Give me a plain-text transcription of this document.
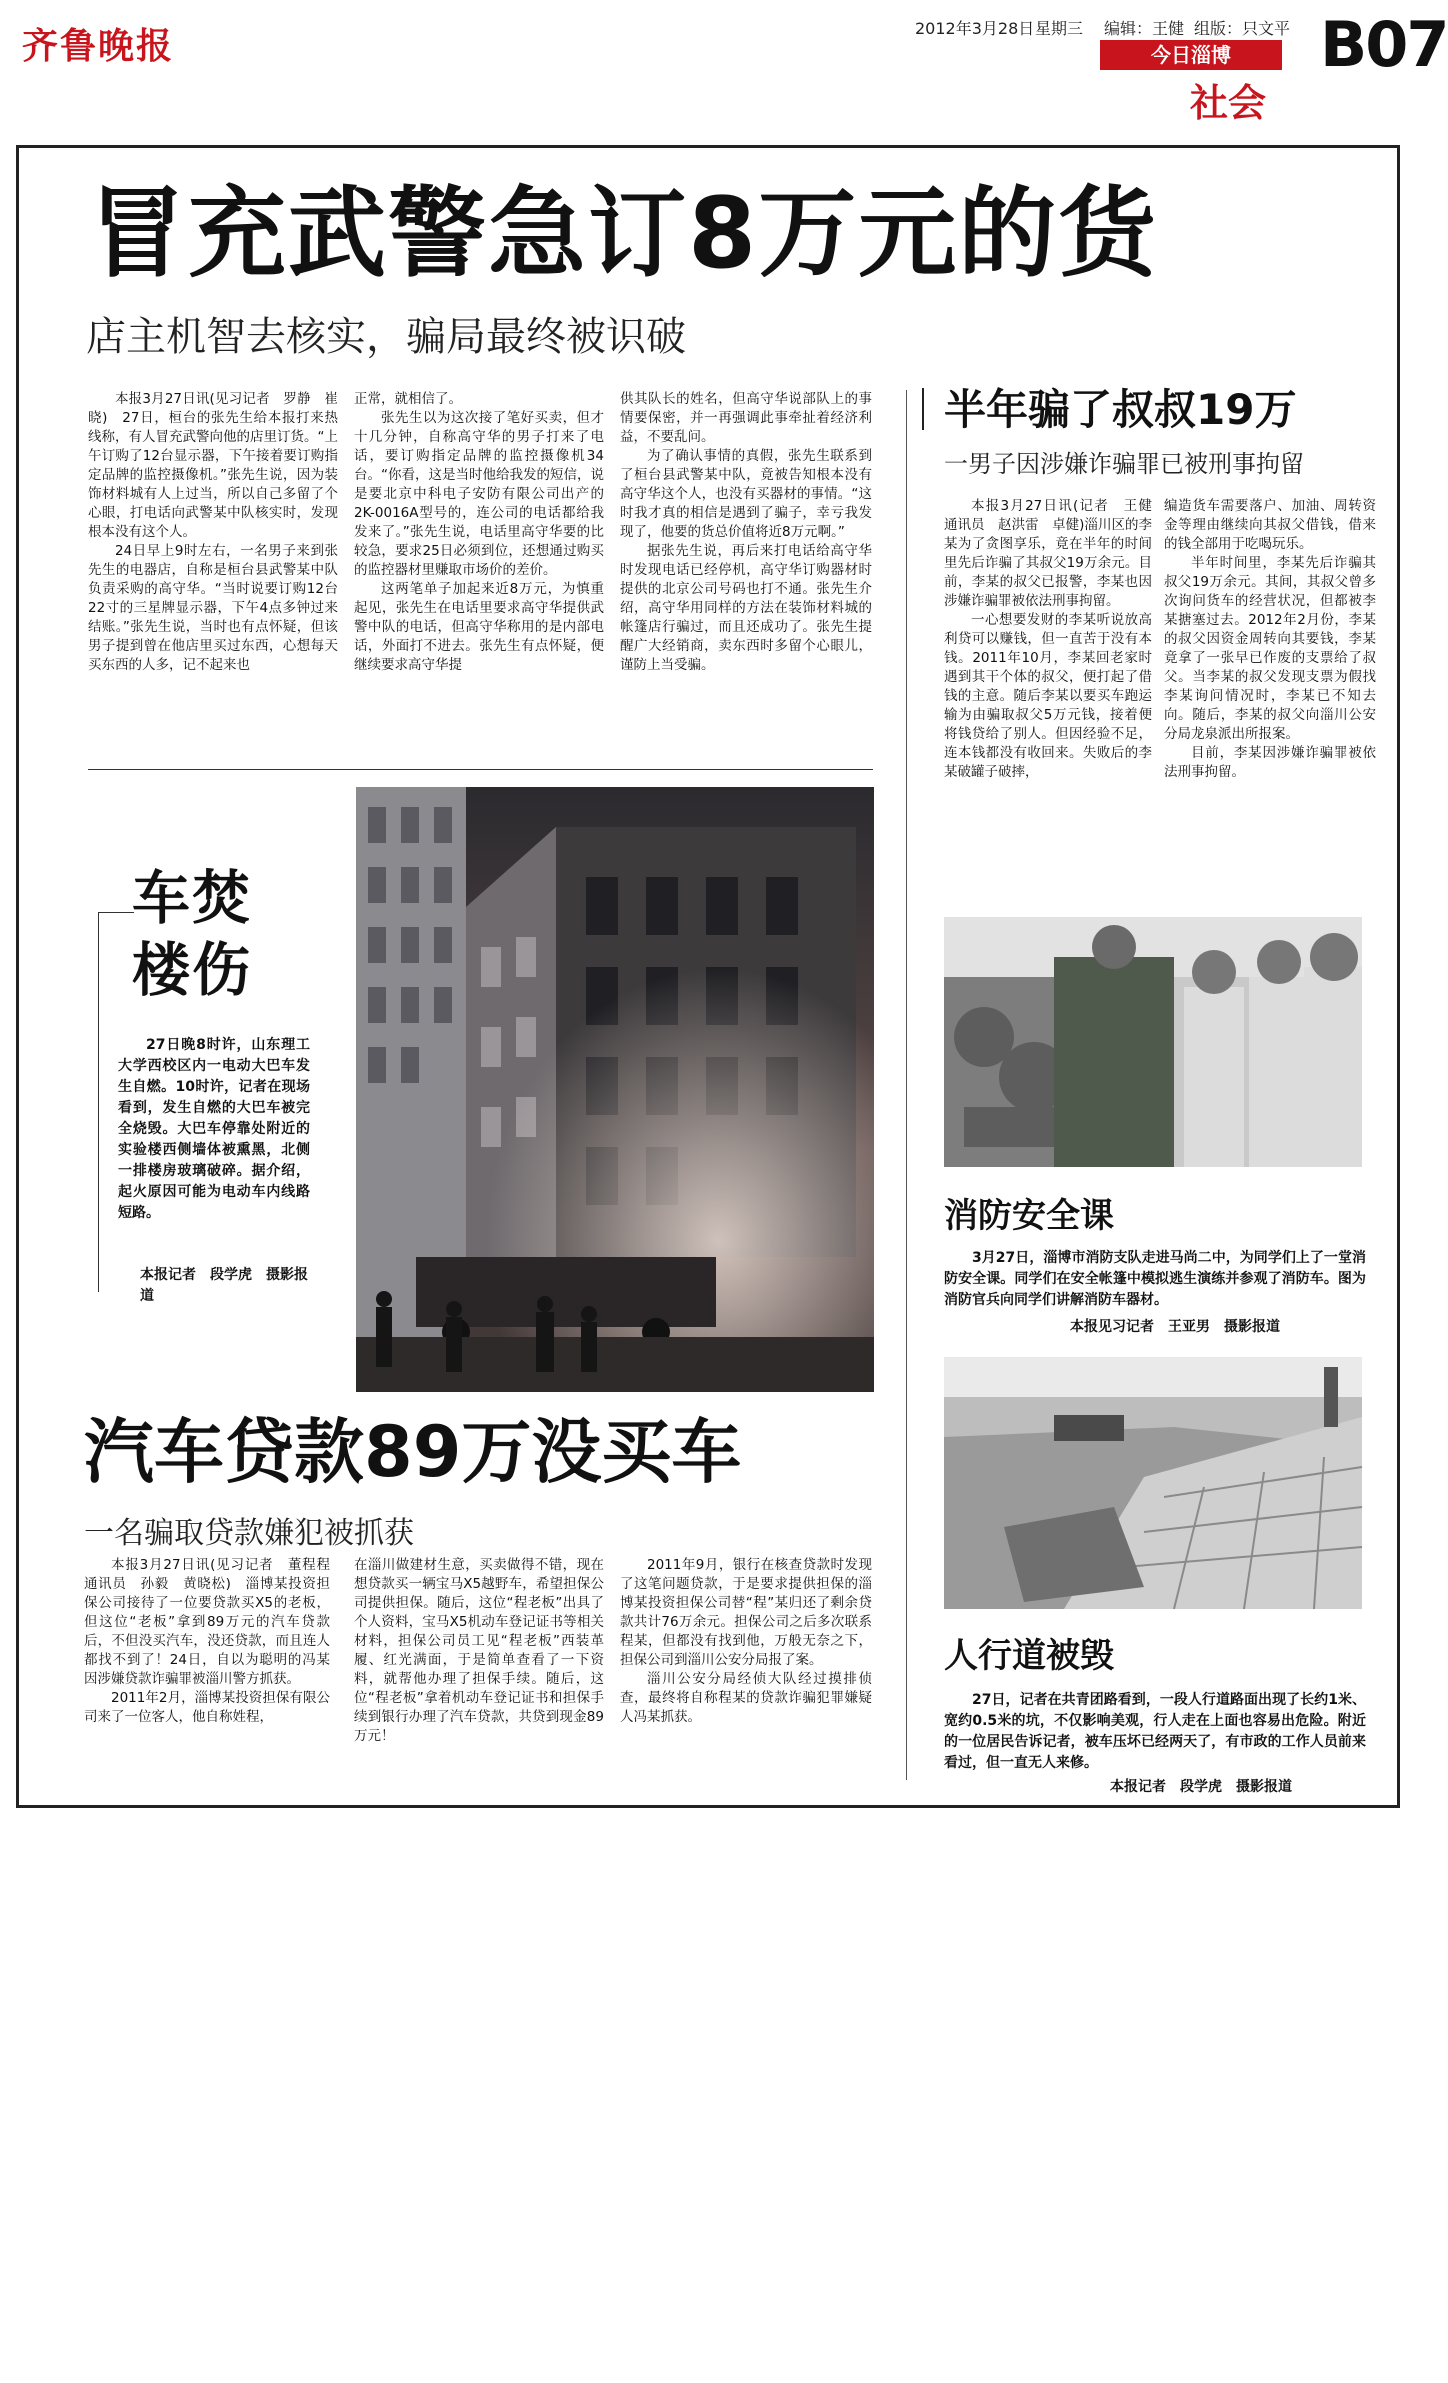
齐鲁晚报	2012年3月28日 星期三 编辑：王健 组版：只文平
今日淄博
社会
B07
冒充武警急订8万元的货
店主机智去核实，骗局最终被识破

本报3月27日讯(见习记者　罗静　崔晓)　27日，桓台的张先生给本报打来热线称，有人冒充武警向他的店里订货。“上午订购了12台显示器，下午接着要订购指定品牌的监控摄像机。”张先生说，因为装饰材料城有人上过当，所以自己多留了个心眼，打电话向武警某中队核实时，发现根本没有这个人。

24日早上9时左右，一名男子来到张先生的电器店，自称是桓台县武警某中队负责采购的高守华。“当时说要订购12台22寸的三星牌显示器，下午4点多钟过来结账。”张先生说，当时也有点怀疑，但该男子提到曾在他店里买过东西，心想每天买东西的人多，记不起来也

正常，就相信了。

张先生以为这次接了笔好买卖，但才十几分钟，自称高守华的男子打来了电话，要订购指定品牌的监控摄像机34台。“你看，这是当时他给我发的短信，说是要北京中科电子安防有限公司出产的2K-0016A型号的，连公司的电话都给我发来了。”张先生说，电话里高守华要的比较急，要求25日必须到位，还想通过购买的监控器材里赚取市场价的差价。

这两笔单子加起来近8万元，为慎重起见，张先生在电话里要求高守华提供武警中队的电话，但高守华称用的是内部电话，外面打不进去。张先生有点怀疑，便继续要求高守华提

供其队长的姓名，但高守华说部队上的事情要保密，并一再强调此事牵扯着经济利益，不要乱问。

为了确认事情的真假，张先生联系到了桓台县武警某中队，竟被告知根本没有高守华这个人，也没有买器材的事情。“这时我才真的相信是遇到了骗子，幸亏我发现了，他要的货总价值将近8万元啊。”

据张先生说，再后来打电话给高守华时发现电话已经停机，高守华订购器材时提供的北京公司号码也打不通。张先生介绍，高守华用同样的方法在装饰材料城的帐篷店行骗过，而且还成功了。张先生提醒广大经销商，卖东西时多留个心眼儿，谨防上当受骗。

车焚楼伤

27日晚8时许，山东理工大学西校区内一电动大巴车发生自燃。10时许，记者在现场看到，发生自燃的大巴车被完全烧毁。大巴车停靠处附近的实验楼西侧墙体被熏黑，北侧一排楼房玻璃破碎。据介绍，起火原因可能为电动车内线路短路。

本报记者　段学虎　摄影报道
汽车贷款89万没买车
一名骗取贷款嫌犯被抓获

本报3月27日讯(见习记者　董程程　通讯员　孙毅　黄晓松)　淄博某投资担保公司接待了一位要贷款买X5的老板，但这位“老板”拿到89万元的汽车贷款后，不但没买汽车，没还贷款，而且连人都找不到了！24日，自以为聪明的冯某因涉嫌贷款诈骗罪被淄川警方抓获。

2011年2月，淄博某投资担保有限公司来了一位客人，他自称姓程，

在淄川做建材生意，买卖做得不错，现在想贷款买一辆宝马X5越野车，希望担保公司提供担保。随后，这位“程老板”出具了个人资料，宝马X5机动车登记证书等相关材料，担保公司员工见“程老板”西装革履、红光满面，于是简单查看了一下资料，就帮他办理了担保手续。随后，这位“程老板”拿着机动车登记证书和担保手续到银行办理了汽车贷款，共贷到现金89万元！

2011年9月，银行在核查贷款时发现了这笔问题贷款，于是要求提供担保的淄博某投资担保公司替“程”某归还了剩余贷款共计76万余元。担保公司之后多次联系程某，但都没有找到他，万般无奈之下，担保公司到淄川公安分局报了案。

淄川公安分局经侦大队经过摸排侦查，最终将自称程某的贷款诈骗犯罪嫌疑人冯某抓获。

半年骗了叔叔19万
一男子因涉嫌诈骗罪已被刑事拘留

本报3月27日讯(记者　王健　通讯员　赵洪雷　卓健)淄川区的李某为了贪图享乐，竟在半年的时间里先后诈骗了其叔父19万余元。目前，李某的叔父已报警，李某也因涉嫌诈骗罪被依法刑事拘留。

一心想要发财的李某听说放高利贷可以赚钱，但一直苦于没有本钱。2011年10月，李某回老家时遇到其干个体的叔父，便打起了借钱的主意。随后李某以要买车跑运输为由骗取叔父5万元钱，接着便将钱贷给了别人。但因经验不足，连本钱都没有收回来。失败后的李某破罐子破摔，

编造货车需要落户、加油、周转资金等理由继续向其叔父借钱，借来的钱全部用于吃喝玩乐。

半年时间里，李某先后诈骗其叔父19万余元。其间，其叔父曾多次询问货车的经营状况，但都被李某搪塞过去。2012年2月份，李某的叔父因资金周转向其要钱，李某竟拿了一张早已作废的支票给了叔父。当李某的叔父发现支票为假找李某询问情况时，李某已不知去向。随后，李某的叔父向淄川公安分局龙泉派出所报案。

目前，李某因涉嫌诈骗罪被依法刑事拘留。

消防安全课

3月27日，淄博市消防支队走进马尚二中，为同学们上了一堂消防安全课。同学们在安全帐篷中模拟逃生演练并参观了消防车。图为消防官兵向同学们讲解消防车器材。

本报见习记者　王亚男　摄影报道
人行道被毁

27日，记者在共青团路看到，一段人行道路面出现了长约1米、宽约0.5米的坑，不仅影响美观，行人走在上面也容易出危险。附近的一位居民告诉记者，被车压坏已经两天了，有市政的工作人员前来看过，但一直无人来修。

本报记者　段学虎　摄影报道
